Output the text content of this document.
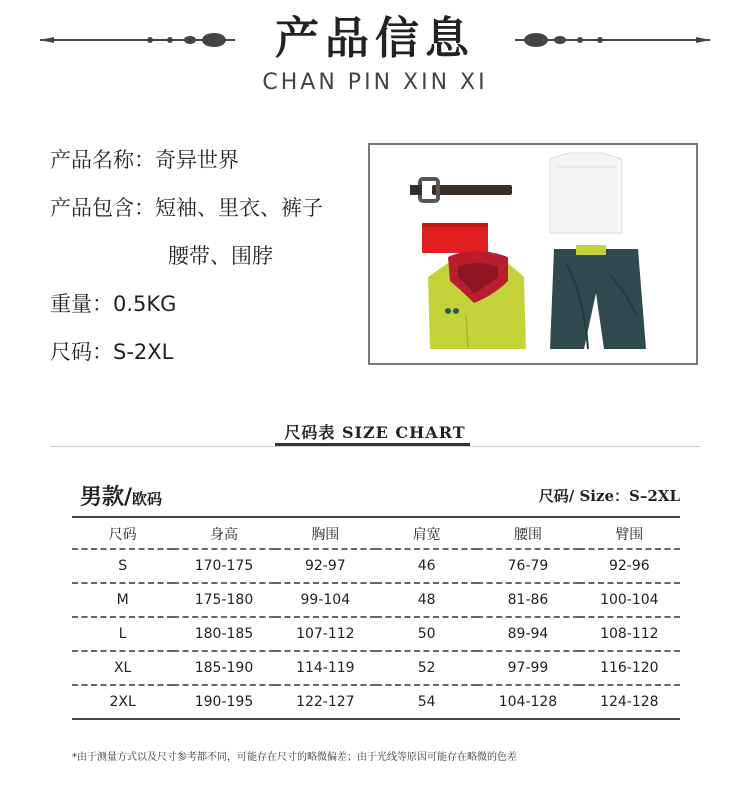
产品信息
CHAN PIN XIN XI
产品名称：奇异世界
产品包含：短袖、里衣、裤子
腰带、围脖
重量：0.5KG
尺码：S-2XL
尺码表 SIZE CHART
男款/欧码	尺码/ Size：S–2XL
尺码	身高	胸围	肩宽	腰围	臂围
S	170-175	92-97	46	76-79	92-96
M	175-180	99-104	48	81-86	100-104
L	180-185	107-112	50	89-94	108-112
XL	185-190	114-119	52	97-99	116-120
2XL	190-195	122-127	54	104-128	124-128
*由于测量方式以及尺寸参考都不同，可能存在尺寸的略微偏差；由于光线等原因可能存在略微的色差
